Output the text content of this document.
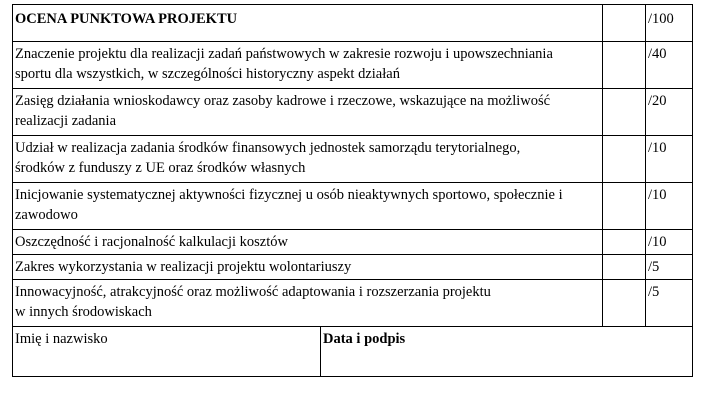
OCENA PUNKTOWA PROJEKTU		/100
Znaczenie projektu dla realizacji zadań państwowych w zakresie rozwoju i upowszechniania
sportu dla wszystkich, w szczególności historyczny aspekt działań		/40
Zasięg działania wnioskodawcy oraz zasoby kadrowe i rzeczowe, wskazujące na możliwość
realizacji zadania		/20
Udział w realizacja zadania środków finansowych jednostek samorządu terytorialnego,
środków z funduszy z UE oraz środków własnych		/10
Inicjowanie systematycznej aktywności fizycznej u osób nieaktywnych sportowo, społecznie i
zawodowo		/10
Oszczędność i racjonalność kalkulacji kosztów		/10
Zakres wykorzystania w realizacji projektu wolontariuszy		/5
Innowacyjność, atrakcyjność oraz możliwość adaptowania i rozszerzania projektu
w innych środowiskach		/5
Imię i nazwisko	Data i podpis
